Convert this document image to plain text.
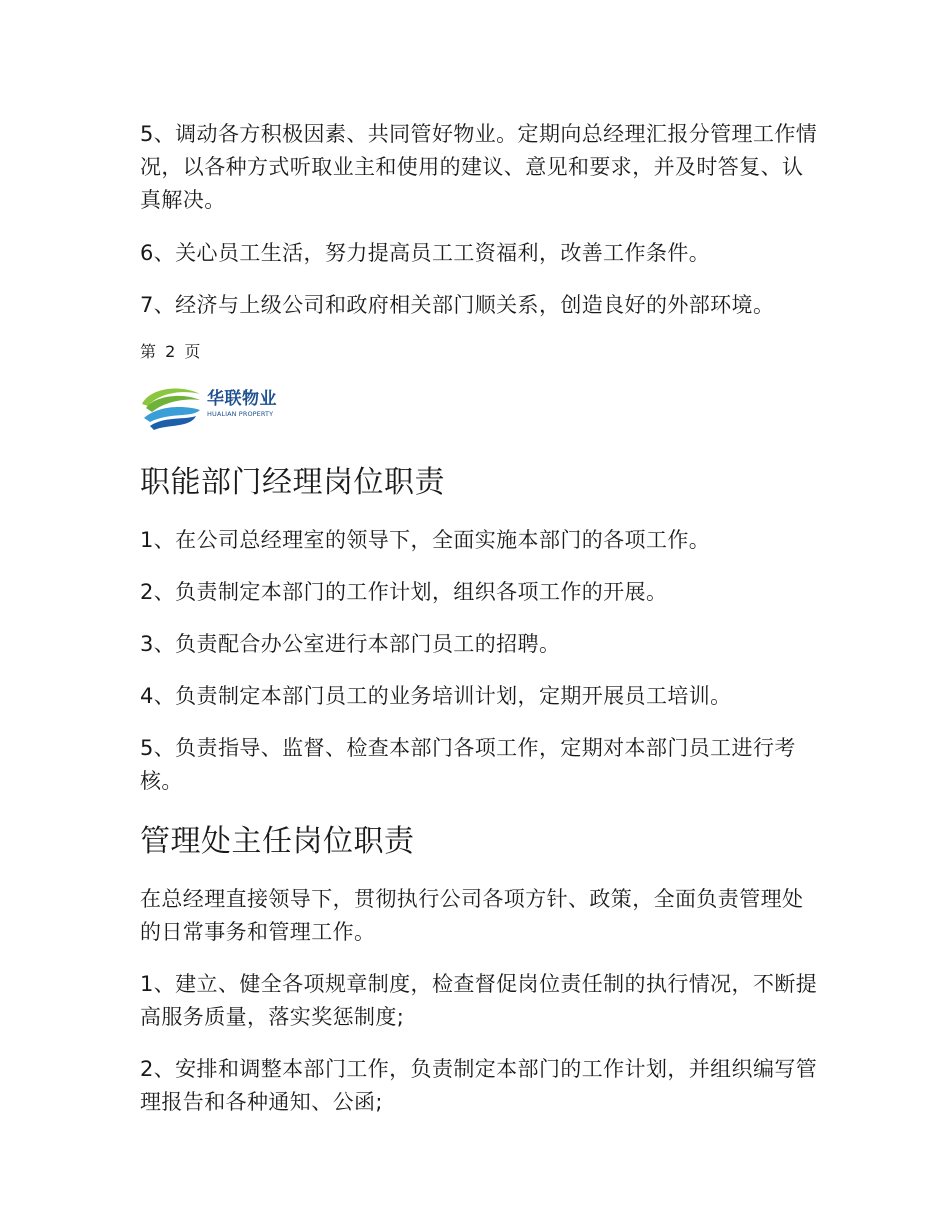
5、调动各方积极因素、共同管好物业。定期向总经理汇报分管理工作情况，以各种方式听取业主和使用的建议、意见和要求，并及时答复、认真解决。

6、关心员工生活，努力提高员工工资福利，改善工作条件。

7、经济与上级公司和政府相关部门顺关系，创造良好的外部环境。

第 2 页
华联物业
HUALIAN PROPERTY
职能部门经理岗位职责

1、在公司总经理室的领导下，全面实施本部门的各项工作。

2、负责制定本部门的工作计划，组织各项工作的开展。

3、负责配合办公室进行本部门员工的招聘。

4、负责制定本部门员工的业务培训计划，定期开展员工培训。

5、负责指导、监督、检查本部门各项工作，定期对本部门员工进行考核。

管理处主任岗位职责

在总经理直接领导下，贯彻执行公司各项方针、政策，全面负责管理处的日常事务和管理工作。

1、建立、健全各项规章制度，检查督促岗位责任制的执行情况，不断提高服务质量，落实奖惩制度;

2、安排和调整本部门工作，负责制定本部门的工作计划，并组织编写管理报告和各种通知、公函;
